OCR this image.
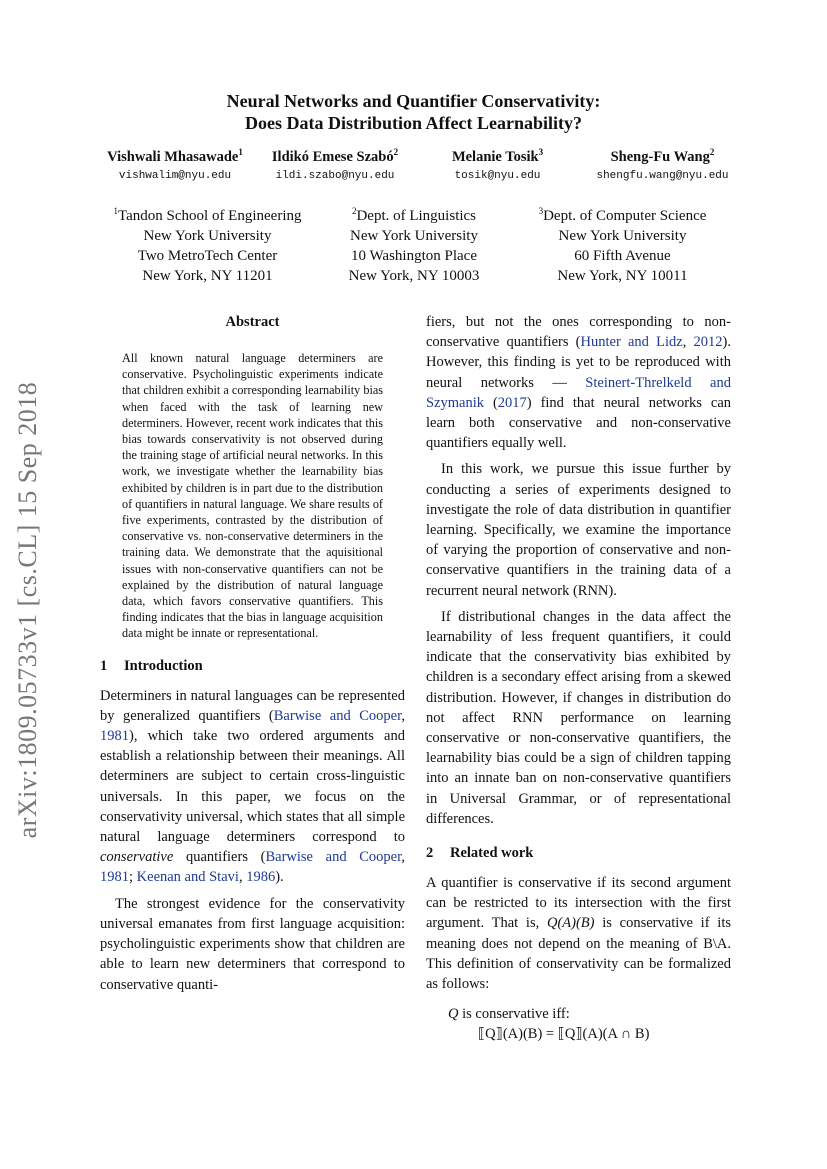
Neural Networks and Quantifier Conservativity:
Does Data Distribution Affect Learnability?
Vishwali Mhasawade$^1$
vishwalim@nyu.edu
Ildikó Emese Szabó$^2$
ildi.szabo@nyu.edu
Melanie Tosik$^3$
tosik@nyu.edu
Sheng-Fu Wang$^2$
shengfu.wang@nyu.edu
$^1$Tandon School of Engineering
New York University
Two MetroTech Center
New York, NY 11201
$^2$Dept. of Linguistics
New York University
10 Washington Place
New York, NY 10003
$^3$Dept. of Computer Science
New York University
60 Fifth Avenue
New York, NY 10011
arXiv:1809.05733v1 [cs.CL] 15 Sep 2018
Abstract
All known natural language determiners are conservative. Psycholinguistic experiments indicate that children exhibit a corresponding learnability bias when faced with the task of learning new determiners. However, recent work indicates that this bias towards conservativity is not observed during the training stage of artificial neural networks. In this work, we investigate whether the learnability bias exhibited by children is in part due to the distribution of quantifiers in natural language. We share results of five experiments, contrasted by the distribution of conservative vs. non-conservative determiners in the training data. We demonstrate that the aquisitional issues with non-conservative quantifiers can not be explained by the distribution of natural language data, which favors conservative quantifiers. This finding indicates that the bias in language acquisition data might be innate or representational.
1 Introduction

Determiners in natural languages can be represented by generalized quantifiers (Barwise and Cooper, 1981), which take two ordered arguments and establish a relationship between their meanings. All determiners are subject to certain cross-linguistic universals. In this paper, we focus on the conservativity universal, which states that all simple natural language determiners correspond to conservative quantifiers (Barwise and Cooper, 1981; Keenan and Stavi, 1986).

The strongest evidence for the conservativity universal emanates from first language acquisition: psycholinguistic experiments show that children are able to learn new determiners that correspond to conservative quanti-

fiers, but not the ones corresponding to non-conservative quantifiers (Hunter and Lidz, 2012). However, this finding is yet to be reproduced with neural networks — Steinert-Threlkeld and Szymanik (2017) find that neural networks can learn both conservative and non-conservative quantifiers equally well.

In this work, we pursue this issue further by conducting a series of experiments designed to investigate the role of data distribution in quantifier learning. Specifically, we examine the importance of varying the proportion of conservative and non-conservative quantifiers in the training data of a recurrent neural network (RNN).

If distributional changes in the data affect the learnability of less frequent quantifiers, it could indicate that the conservativity bias exhibited by children is a secondary effect arising from a skewed distribution. However, if changes in distribution do not affect RNN performance on learning conservative or non-conservative quantifiers, the learnability bias could be a sign of children tapping into an innate ban on non-conservative quantifiers in Universal Grammar, or of representational differences.

2 Related work

A quantifier is conservative if its second argument can be restricted to its intersection with the first argument. That is, Q(A)(B) is conservative if its meaning does not depend on the meaning of B\A. This definition of conservativity can be formalized as follows:

Q is conservative iff:
⟦Q⟧(A)(B) = ⟦Q⟧(A)(A ∩ B)
